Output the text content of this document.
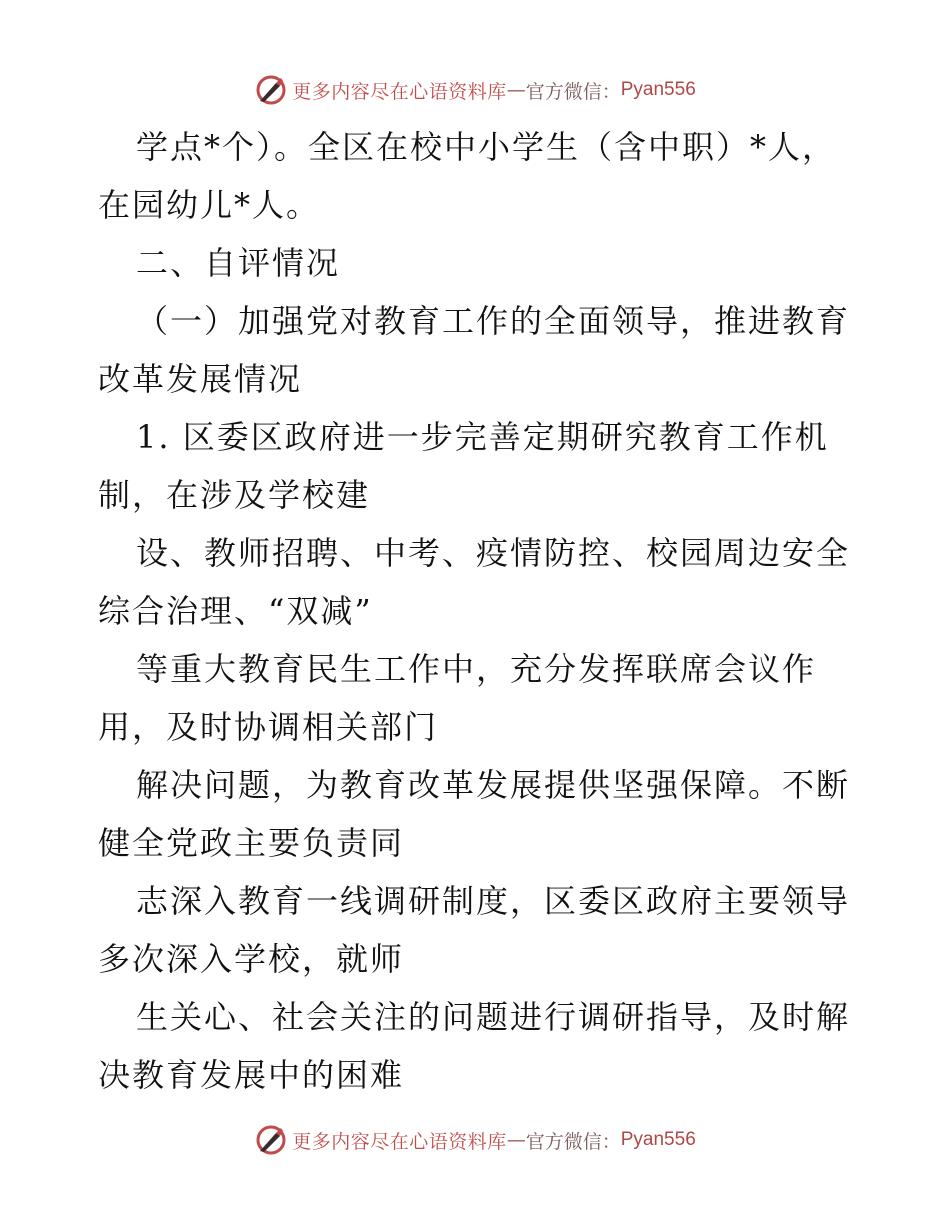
更多内容尽在心语资料库 — 官方微信： Pyan556
学点*个）。全区在校中小学生（含中职）*人，
在园幼儿*人。
二、自评情况
（一）加强党对教育工作的全面领导，推进教育
改革发展情况
1. 区委区政府进一步完善定期研究教育工作机
制，在涉及学校建
设、教师招聘、中考、疫情防控、校园周边安全
综合治理、“双减”
等重大教育民生工作中，充分发挥联席会议作
用，及时协调相关部门
解决问题，为教育改革发展提供坚强保障。不断
健全党政主要负责同
志深入教育一线调研制度，区委区政府主要领导
多次深入学校，就师
生关心、社会关注的问题进行调研指导，及时解
决教育发展中的困难
更多内容尽在心语资料库 — 官方微信： Pyan556
